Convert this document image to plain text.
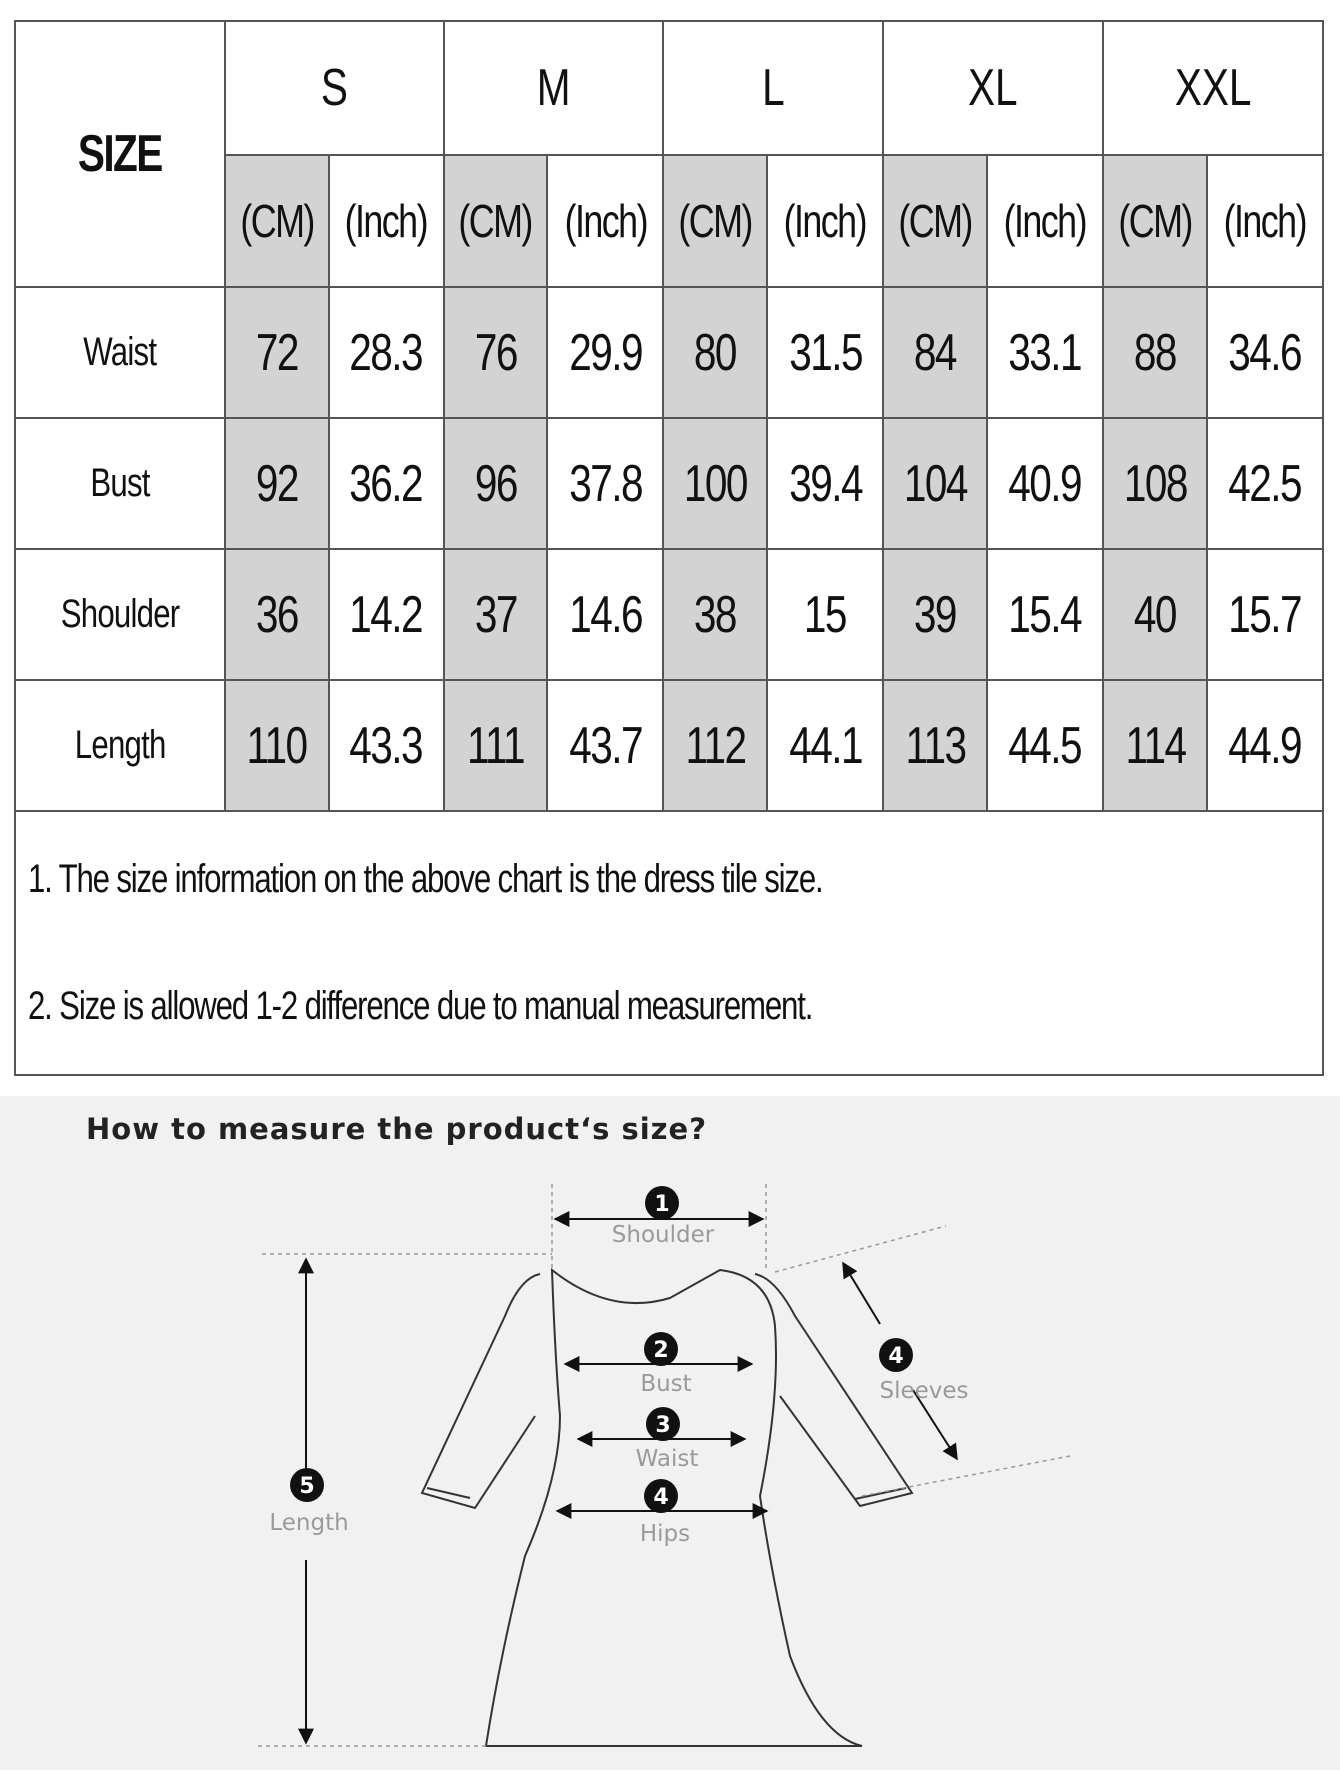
SIZE	S		M		L		XL		XXL	
	(CM)	(Inch)	(CM)	(Inch)	(CM)	(Inch)	(CM)	(Inch)	(CM)	(Inch)
Waist	72	28.3	76	29.9	80	31.5	84	33.1	88	34.6
Bust	92	36.2	96	37.8	100	39.4	104	40.9	108	42.5
Shoulder	36	14.2	37	14.6	38	15	39	15.4	40	15.7
Length	110	43.3	111	43.7	112	44.1	113	44.5	114	44.9

1. The size information on the above chart is the dress tile size.
2. Size is allowed 1-2 difference due to manual measurement.										
How to measure the product‘s size?
1
Shoulder
2
Bust
3
Waist
4
Hips
4
Sleeves
5
Length
